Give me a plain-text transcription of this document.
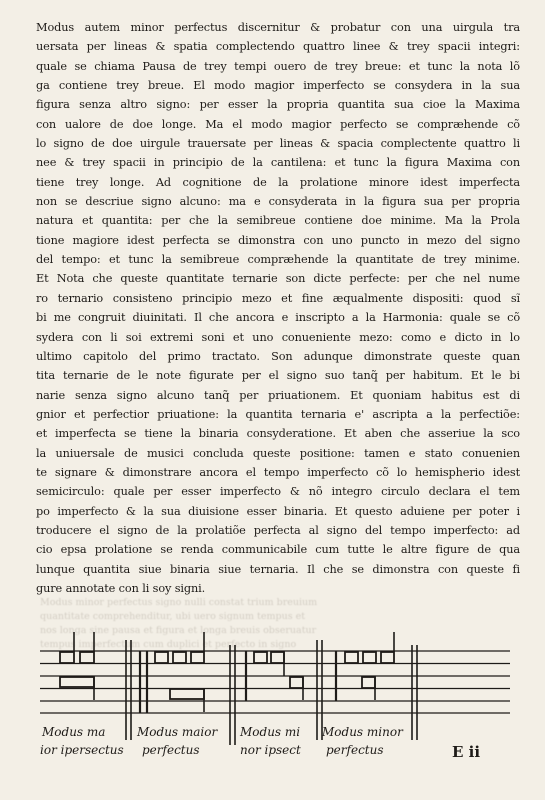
Modus autem minor perfectus discernitur & probatur con una uirgula tra
uersata per lineas & spatia complectendo quattro linee & trey spacii integri:
quale se chiama Pausa de trey tempi ouero de trey breue: et tunc la nota lõ
ga contiene trey breue. El modo magior imperfecto se consydera in la sua
figura senza altro signo: per esser la propria quantita sua cioe la Maxima
con ualore de doe longe. Ma el modo magior perfecto se compræhende cõ
lo signo de doe uirgule trauersate per lineas & spacia complectente quattro li
nee & trey spacii in principio de la cantilena: et tunc la figura Maxima con
tiene trey longe. Ad cognitione de la prolatione minore idest imperfecta
non se descriue signo alcuno: ma e consyderata in la figura sua per propria
natura et quantita: per che la semibreue contiene doe minime. Ma la Prola
tione magiore idest perfecta se dimonstra con uno puncto in mezo del signo
del tempo: et tunc la semibreue compræhende la quantitate de trey minime.
Et Nota che queste quantitate ternarie son dicte perfecte: per che nel nume
ro ternario consisteno principio mezo et fine æqualmente dispositi: quod sĩ
bi me congruit diuinitati. Il che ancora e inscripto a la Harmonia: quale se cõ
sydera con li soi extremi soni et uno conueniente mezo: como e dicto in lo
ultimo capitolo del primo tractato. Son adunque dimonstrate queste quan
tita ternarie de le note figurate per el signo suo tanq̃ per habitum. Et le bi
narie senza signo alcuno tanq̃ per priuationem. Et quoniam habitus est di
gnior et perfectior priuatione: la quantita ternaria e' ascripta a la perfectiõe:
et imperfecta se tiene la binaria consyderatione. Et aben che asseriue la sco
la uniuersale de musici concluda queste positione: tamen e stato conuenien
te signare & dimonstrare ancora el tempo imperfecto cõ lo hemispherio idest
semicirculo: quale per esser imperfecto & nõ integro circulo declara el tem
po imperfecto & la sua diuisione esser binaria. Et questo aduiene per poter i
troducere el signo de la prolatiõe perfecta al signo del tempo imperfecto: ad
cio epsa prolatione se renda communicabile cum tutte le altre figure de qua
lunque quantita siue binaria siue ternaria. Il che se dimonstra con queste fi
gure annotate con li soy signi.
Modus minor perfectus signo nulli constat trium breuium
quantitate comprehenditur, ubi uero signum tempus et
nos longa sine pausa et figura et longa breuis obseruatur
tempus imperfectum cum duplici et perfecto in signo
Modus ma
ior ipersectus
Modus maior
perfectus
Modus mi
nor ipsect
Modus minor
perfectus	E ii
